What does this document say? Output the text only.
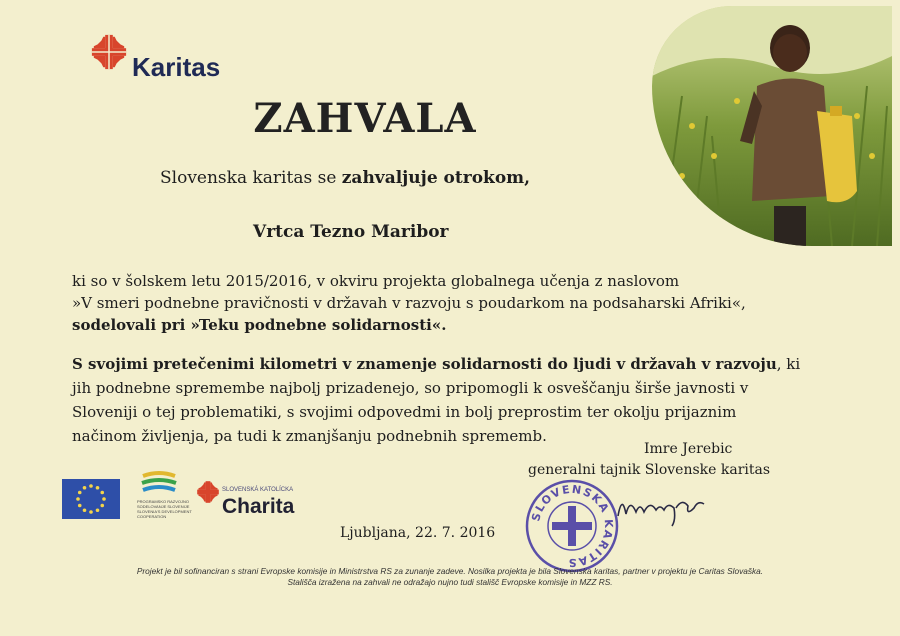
Karitas
ZAHVALA
Slovenska karitas se zahvaljuje otrokom,
Vrtca Tezno Maribor
ki so v šolskem letu 2015/2016, v okviru projekta globalnega učenja z naslovom
»V smeri podnebne pravičnosti v državah v razvoju s poudarkom na podsaharski Afriki«,
sodelovali pri »Teku podnebne solidarnosti«.
S svojimi pretečenimi kilometri v znamenje solidarnosti do ljudi v državah v razvoju, ki
jih podnebne spremembe najbolj prizadenejo, so pripomogli k osveščanju širše javnosti v
Sloveniji o tej problematiki, s svojimi odpovedmi in bolj preprostim ter okolju prijaznim
načinom življenja, pa tudi k zmanjšanju podnebnih sprememb.
Imre Jerebic
generalni tajnik Slovenske karitas
PROGRAMSKO RAZVOJNO
SODELOVANJE SLOVENIJE
SLOVENIA'S DEVELOPMENT
COOPERATION
SLOVENSKÁ KATOLÍCKA
Charita	SLOVENSKA KARITAS
Ljubljana, 22. 7. 2016
Projekt je bil sofinanciran s strani Evropske komisije in Ministrstva RS za zunanje zadeve. Nosilka projekta je bila Slovenska karitas, partner v projektu je Caritas Slovaška.
Stališča izražena na zahvali ne odražajo nujno tudi stališč Evropske komisije in MZZ RS.
